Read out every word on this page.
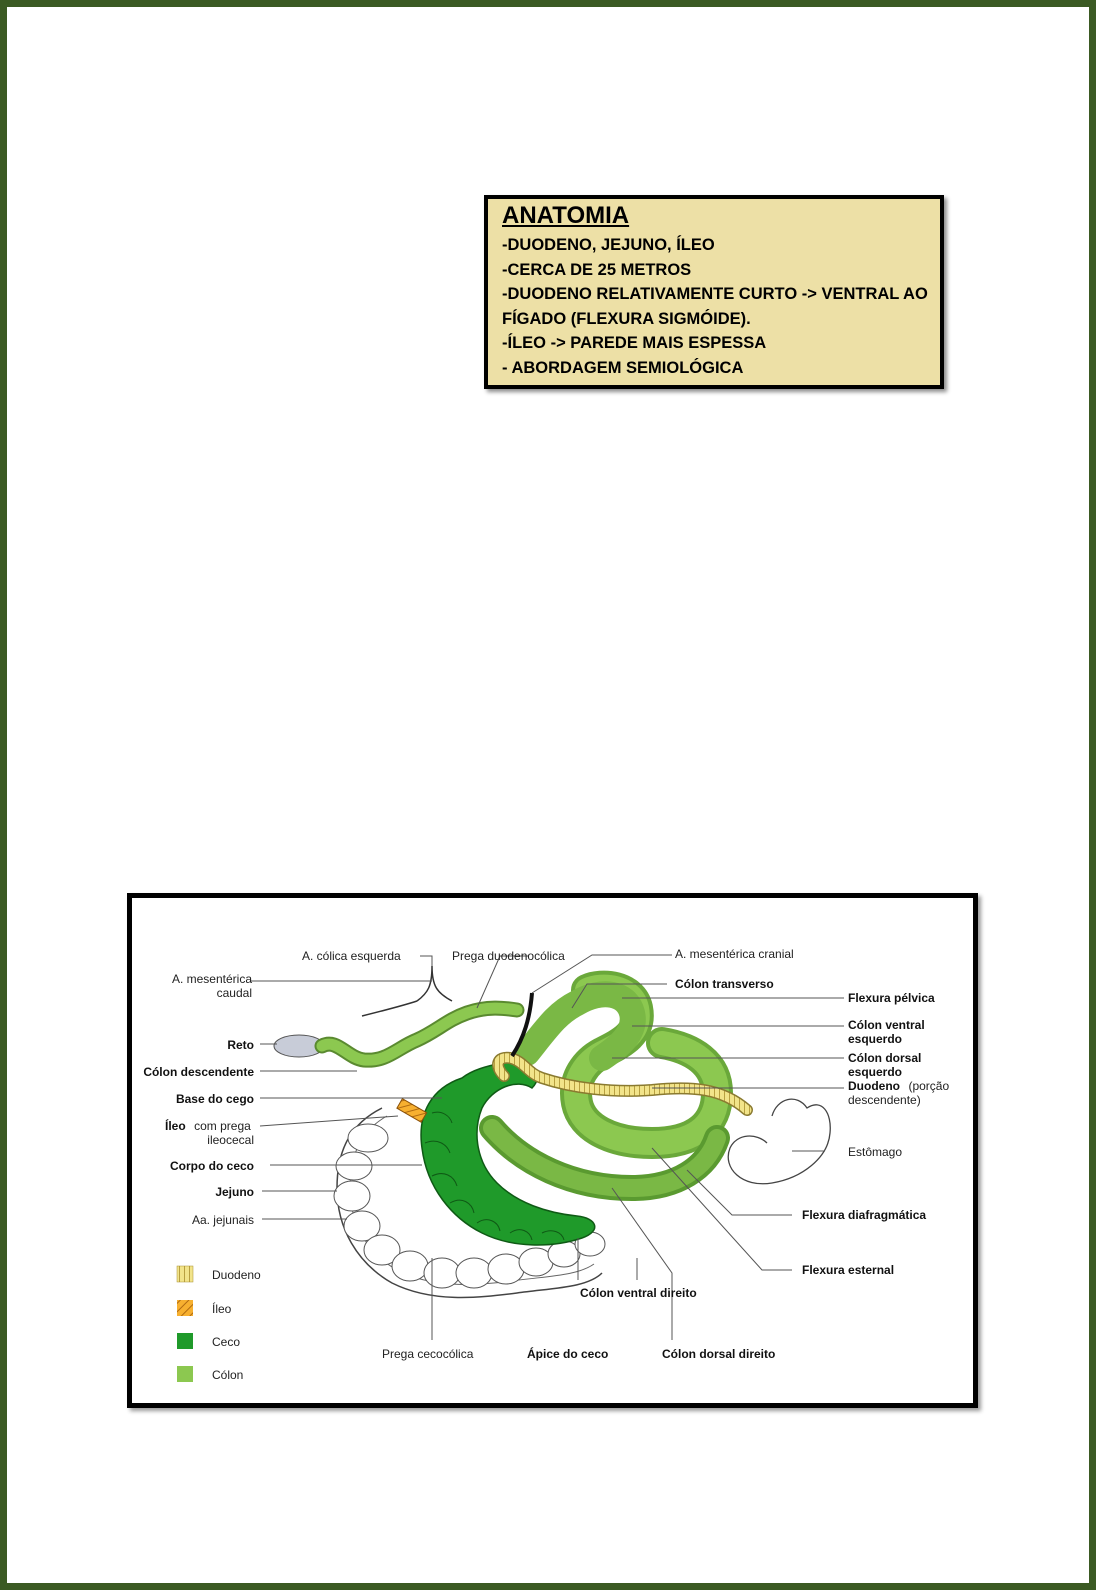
ANATOMIA
-DUODENO, JEJUNO, ÍLEO
-CERCA DE 25 METROS
-DUODENO RELATIVAMENTE CURTO -> VENTRAL AO
FÍGADO (FLEXURA SIGMÓIDE).
-ÍLEO -> PAREDE MAIS ESPESSA
- ABORDAGEM SEMIOLÓGICA
A. cólica esquerda	Prega duodenocólica	A. mesentérica cranial
Cólon transverso
A. mesentérica
caudal
Reto
Cólon descendente
Base do cego
Íleo com prega
ileocecal
Corpo do ceco
Jejuno
Aa. jejunais
Flexura pélvica
Cólon ventral
esquerdo
Cólon dorsal
esquerdo
Duodeno (porção
descendente)
Estômago
Flexura diafragmática
Flexura esternal
Cólon ventral direito
Prega cecocólica	Ápice do ceco	Cólon dorsal direito
Duodeno
Íleo
Ceco
Cólon
